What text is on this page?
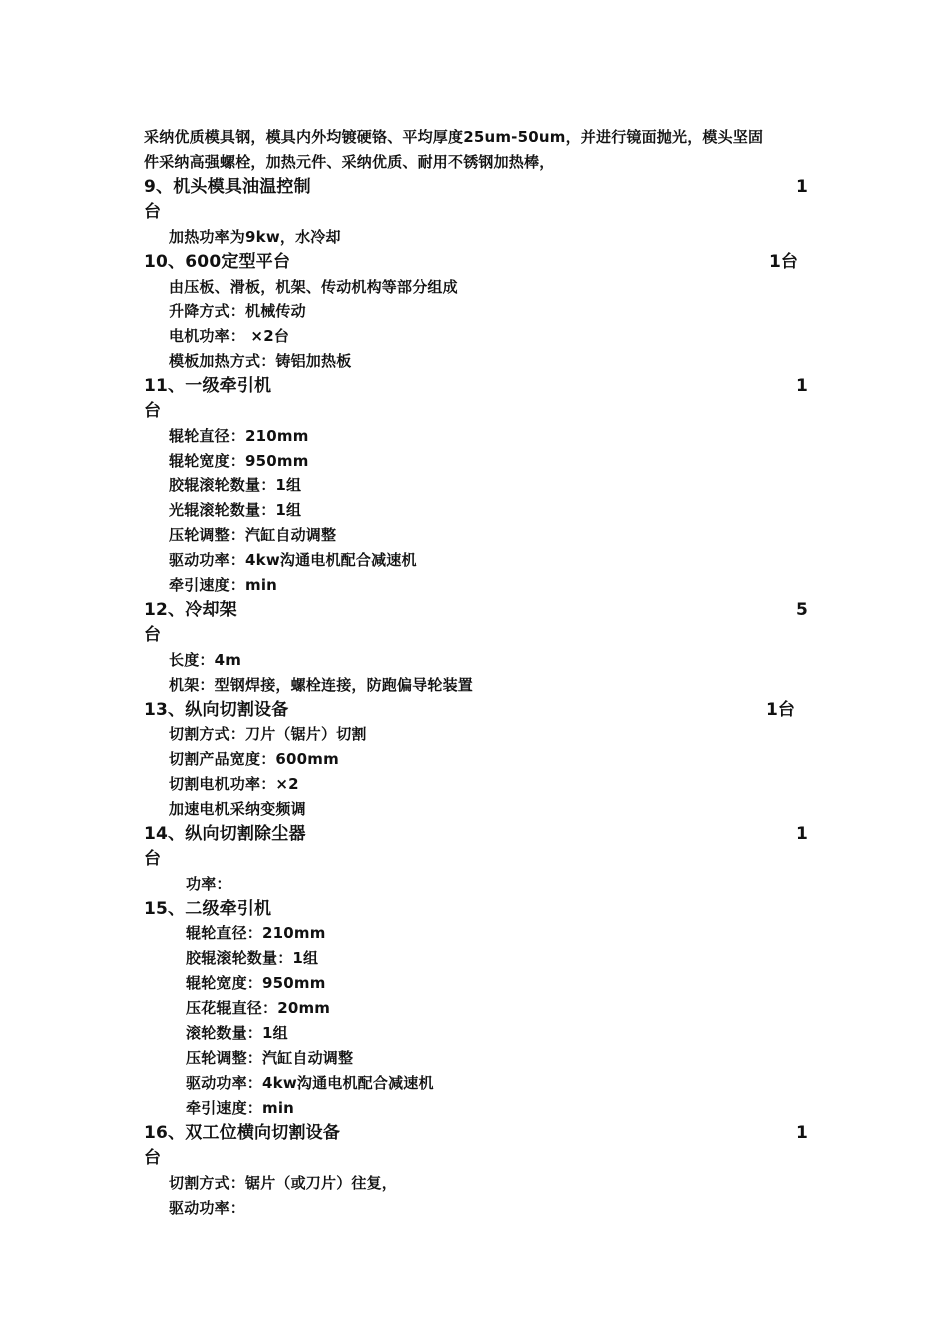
采纳优质模具钢，模具内外均镀硬铬、平均厚度25um-50um，并进行镜面抛光，模头坚固
件采纳高强螺栓，加热元件、采纳优质、耐用不锈钢加热棒，
9、机头模具油温控制	1
台
加热功率为9kw，水冷却
10、600定型平台	1台
由压板、滑板，机架、传动机构等部分组成
升降方式：机械传动
电机功率： ×2台
模板加热方式：铸铝加热板
11、一级牵引机	1
台
辊轮直径：210mm
辊轮宽度：950mm
胶辊滚轮数量：1组
光辊滚轮数量：1组
压轮调整：汽缸自动调整
驱动功率：4kw沟通电机配合减速机
牵引速度：min
12、冷却架	5
台
长度：4m
机架：型钢焊接，螺栓连接，防跑偏导轮装置
13、纵向切割设备	1台
切割方式：刀片（锯片）切割
切割产品宽度：600mm
切割电机功率：×2
加速电机采纳变频调
14、纵向切割除尘器	1
台
功率：
15、二级牵引机
辊轮直径：210mm
胶辊滚轮数量：1组
辊轮宽度：950mm
压花辊直径：20mm
滚轮数量：1组
压轮调整：汽缸自动调整
驱动功率：4kw沟通电机配合减速机
牵引速度：min
16、双工位横向切割设备	1
台
切割方式：锯片（或刀片）往复，
驱动功率：
